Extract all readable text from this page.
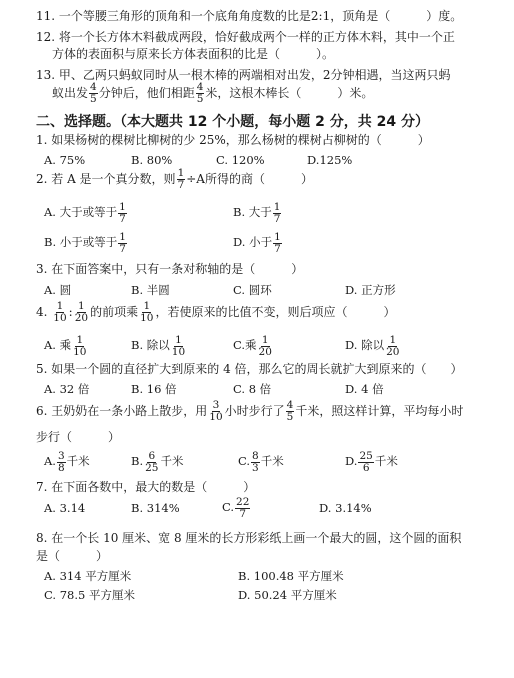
11. 一个等腰三角形的顶角和一个底角角度数的比是2:1，顶角是（　　　）度。
12. 将一个长方体木料截成两段，恰好截成两个一样的正方体木料，其中一个正
方体的表面积与原来长方体表面积的比是（　　　）。
13. 甲、乙两只蚂蚁同时从一根木棒的两端相对出发，2分钟相遇，当这两只蚂
蚁出发 $\frac{4}{5}$ 分钟后，他们相距 $\frac{4}{5}$ 米，这根木棒长（　　　）米。
二、选择题。（本大题共 12 个小题，每小题 2 分，共 24 分）
1. 如果杨树的棵树比柳树的少 25%，那么杨树的棵树占柳树的（　　　）
A. 75%	B. 80%	C. 120%	D.125%
2. 若 A 是一个真分数，则 $\frac{1}{7} \div A$所得的商（　　　）
A. 大于或等于 $\frac{1}{7}$	B. 大于 $\frac{1}{7}$
B. 小于或等于 $\frac{1}{7}$	D. 小于 $\frac{1}{7}$
3. 在下面答案中，只有一条对称轴的是（　　　）
A. 圆	B. 半圆	C. 圆环	D. 正方形
4. $\frac{1}{10}$ : $\frac{1}{20}$ 的前项乘 $\frac{1}{10}$ ，若使原来的比值不变，则后项应（　　　）
A. 乘 $\frac{1}{10}$	B. 除以 $\frac{1}{10}$	C.乘 $\frac{1}{20}$	D. 除以 $\frac{1}{20}$
5. 如果一个圆的直径扩大到原来的 4 倍，那么它的周长就扩大到原来的（　　）
A. 32 倍	B. 16 倍	C. 8 倍	D. 4 倍
6. 王奶奶在一条小路上散步，用 $\frac{3}{10}$ 小时步行了 $\frac{4}{5}$ 千米，照这样计算，平均每小时
步行（　　　）
A. $\frac{3}{8}$ 千米	B. $\frac{6}{25}$ 千米	C. $\frac{8}{3}$ 千米	D. $\frac{25}{6}$ 千米
7. 在下面各数中，最大的数是（　　　）
A. 3.14	B. 314%	C. $\frac{22}{7}$	D. 3.14%
8. 在一个长 10 厘米、宽 8 厘米的长方形彩纸上画一个最大的圆，这个圆的面积
是（　　　）
A. 314 平方厘米	B. 100.48 平方厘米
C. 78.5 平方厘米	D. 50.24 平方厘米
